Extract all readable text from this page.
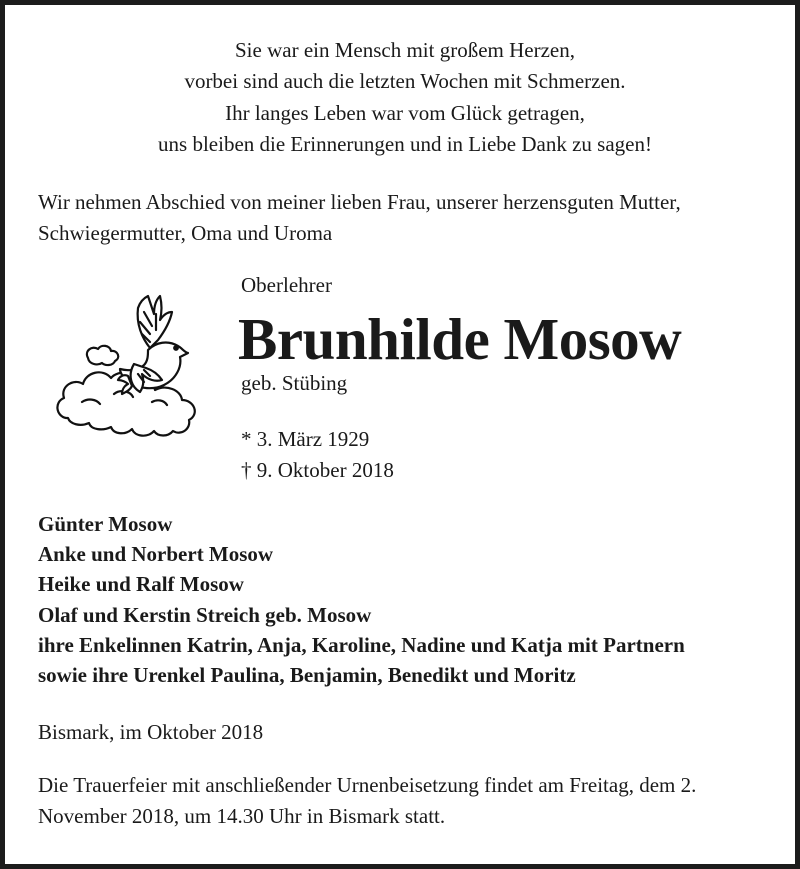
Sie war ein Mensch mit großem Herzen,
vorbei sind auch die letzten Wochen mit Schmerzen.
Ihr langes Leben war vom Glück getragen,
uns bleiben die Erinnerungen und in Liebe Dank zu sagen!
Wir nehmen Abschied von meiner lieben Frau, unserer herzensguten Mutter, Schwiegermutter, Oma und Uroma
Oberlehrer
Brunhilde Mosow
geb. Stübing
* 3. März 1929
† 9. Oktober 2018
Günter Mosow
Anke und Norbert Mosow
Heike und Ralf Mosow
Olaf und Kerstin Streich geb. Mosow
ihre Enkelinnen Katrin, Anja, Karoline, Nadine und Katja mit Partnern
sowie ihre Urenkel Paulina, Benjamin, Benedikt und Moritz
Bismark, im Oktober 2018
Die Trauerfeier mit anschließender Urnenbeisetzung findet am Freitag, dem 2. November 2018, um 14.30 Uhr in Bismark statt.
